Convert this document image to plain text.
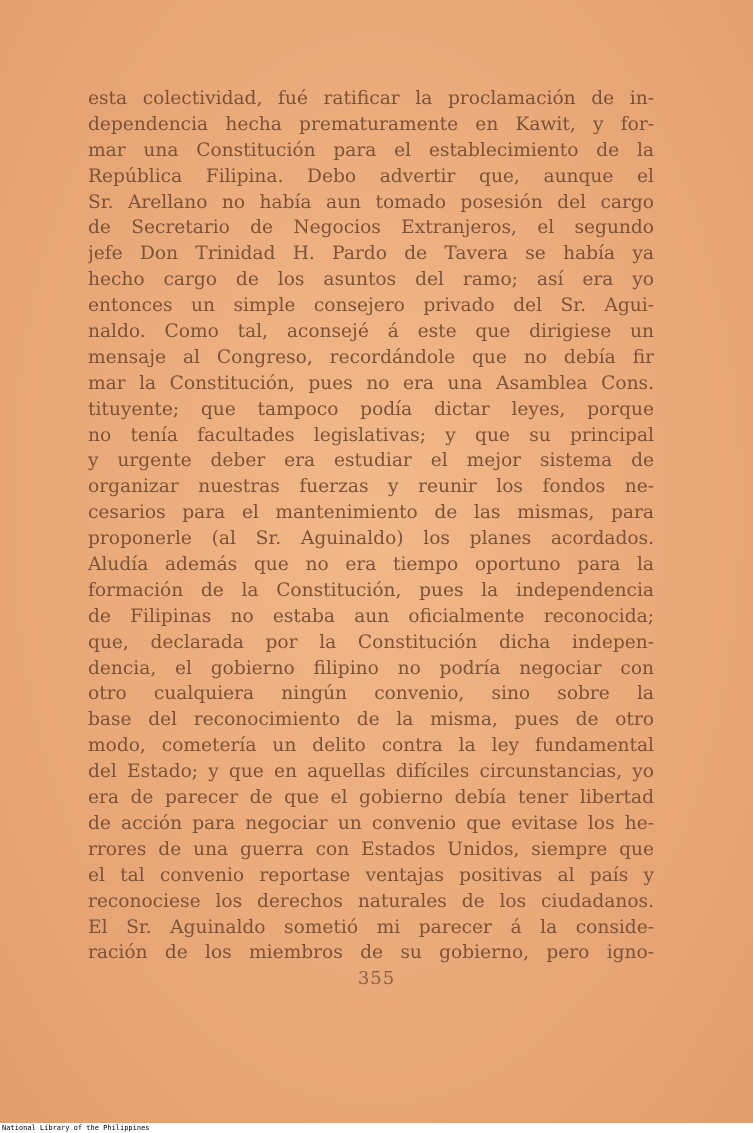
esta colectividad, fué ratificar la proclamación de in-
dependencia hecha prematuramente en Kawit, y for-
mar una Constitución para el establecimiento de la
República Filipina. Debo advertir que, aunque el
Sr. Arellano no había aun tomado posesión del cargo
de Secretario de Negocios Extranjeros, el segundo
jefe Don Trinidad H. Pardo de Tavera se había ya
hecho cargo de los asuntos del ramo; así era yo
entonces un simple consejero privado del Sr. Agui-
naldo. Como tal, aconsejé á este que dirigiese un
mensaje al Congreso, recordándole que no debía fir
mar la Constitución, pues no era una Asamblea Cons.
tituyente; que tampoco podía dictar leyes, porque
no tenía facultades legislativas; y que su principal
y urgente deber era estudiar el mejor sistema de
organizar nuestras fuerzas y reunir los fondos ne-
cesarios para el mantenimiento de las mismas, para
proponerle (al Sr. Aguinaldo) los planes acordados.
Aludía además que no era tiempo oportuno para la
formación de la Constitución, pues la independencia
de Filipinas no estaba aun oficialmente reconocida;
que, declarada por la Constitución dicha indepen-
dencia, el gobierno filipino no podría negociar con
otro cualquiera ningún convenio, sino sobre la
base del reconocimiento de la misma, pues de otro
modo, cometería un delito contra la ley fundamental
del Estado; y que en aquellas difíciles circunstancias, yo
era de parecer de que el gobierno debía tener libertad
de acción para negociar un convenio que evitase los he-
rrores de una guerra con Estados Unidos, siempre que
el tal convenio reportase ventajas positivas al país y
reconociese los derechos naturales de los ciudadanos.
El Sr. Aguinaldo sometió mi parecer á la conside-
ración de los miembros de su gobierno, pero igno-
355
National Library of the Philippines
